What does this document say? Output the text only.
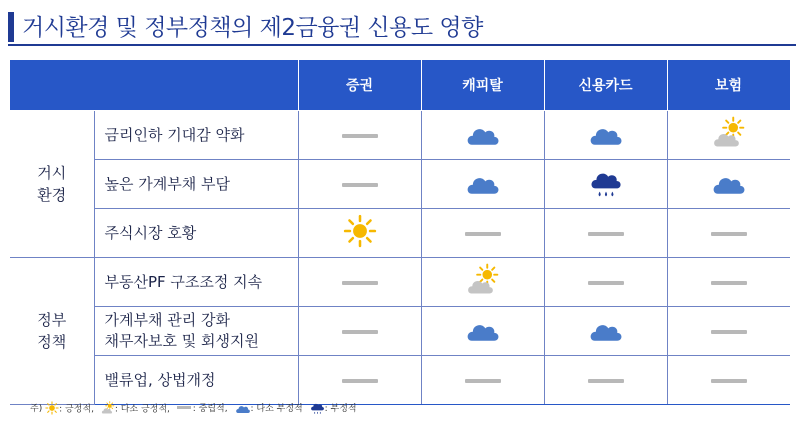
거시환경 및 정부정책의 제2금융권 신용도 영향
		증권	캐피탈	신용카드	보험
거시
환경	금리인하 기대감 약화				
	높은 가계부채 부담				
	주식시장 호황				
정부
정책	부동산PF 구조조정 지속				
	가계부채 관리 강화
채무자보호 및 회생지원				
	밸류업, 상법개정				
주) : 긍정적, : 다소 긍정적,	: 중립적,	: 다소 부정적 : 부정적
